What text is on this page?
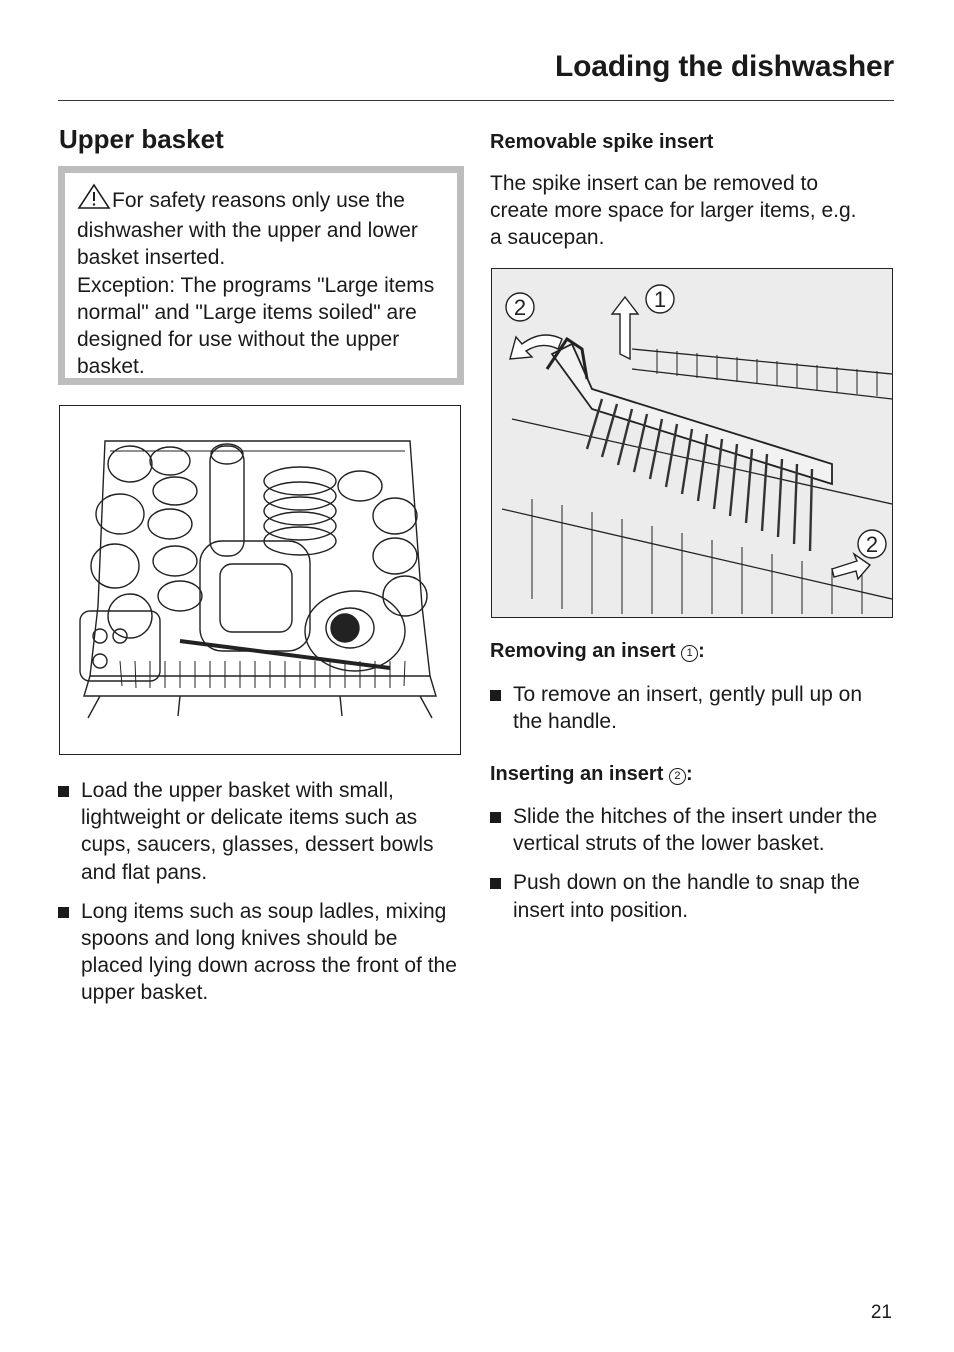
Loading the dishwasher
Upper basket
For safety reasons only use the dishwasher with the upper and lower basket inserted.
Exception: The programs "Large items normal" and "Large items soiled" are designed for use without the upper basket.
Load the upper basket with small, lightweight or delicate items such as cups, saucers, glasses, dessert bowls and flat pans.
Long items such as soup ladles, mixing spoons and long knives should be placed lying down across the front of the upper basket.
Removable spike insert
The spike insert can be removed to create more space for larger items, e.g. a saucepan.
2	1
2
Removing an insert 1 :
To remove an insert, gently pull up on the handle.
Inserting an insert 2 :
Slide the hitches of the insert under the vertical struts of the lower basket.
Push down on the handle to snap the insert into position.
21
